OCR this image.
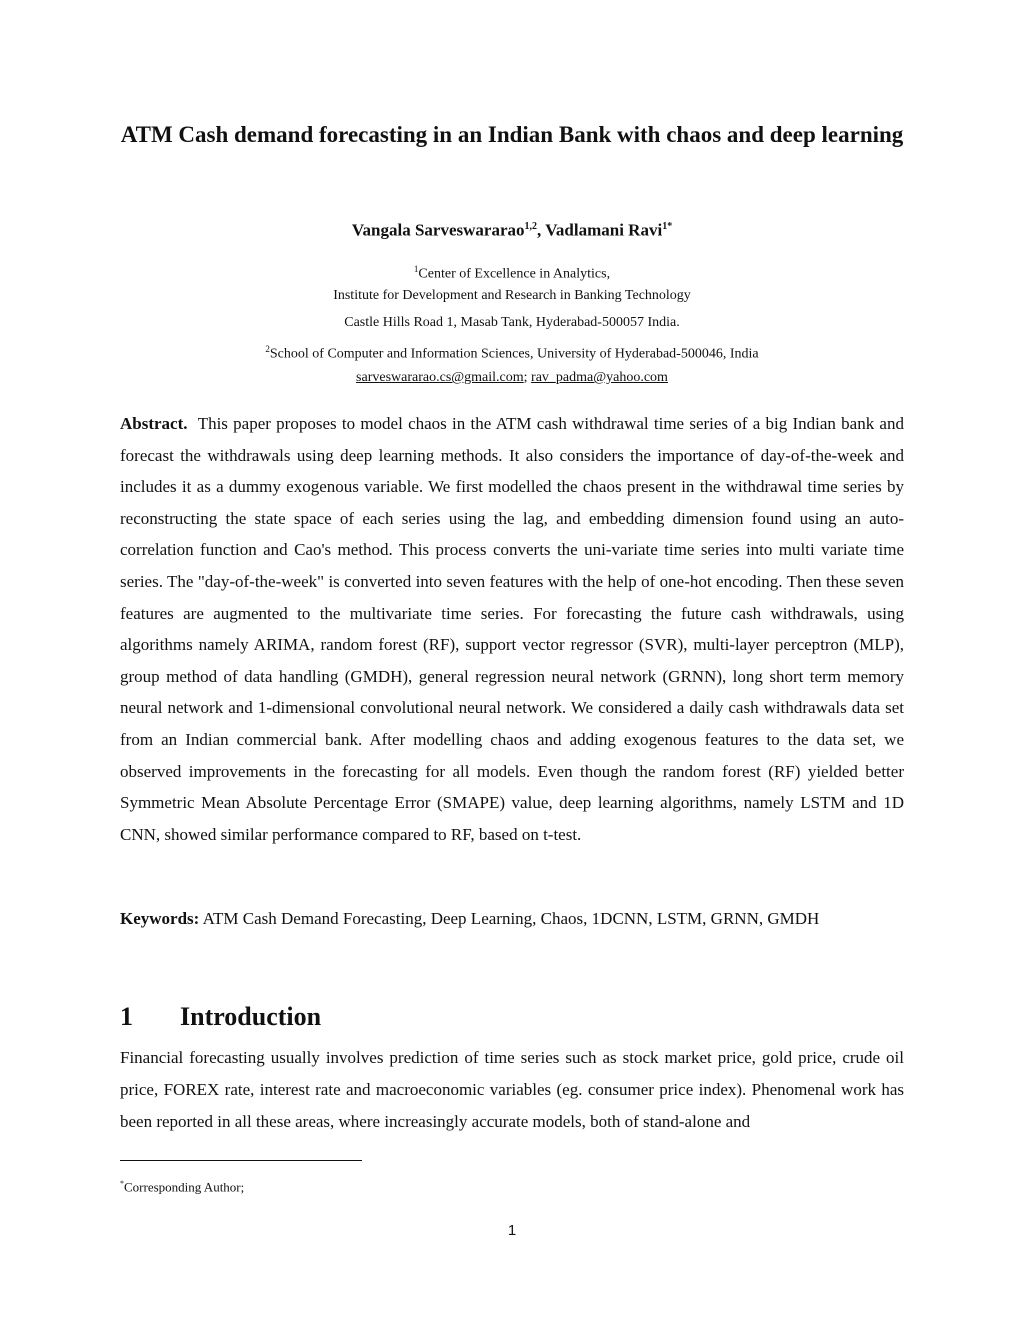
ATM Cash demand forecasting in an Indian Bank with chaos and deep learning
Vangala Sarveswararao$^{1,2}$, Vadlamani Ravi$^{1*}$
$^1$Center of Excellence in Analytics,
Institute for Development and Research in Banking Technology
Castle Hills Road 1, Masab Tank, Hyderabad-500057 India.
$^2$School of Computer and Information Sciences, University of Hyderabad-500046, India
sarveswararao.cs@gmail.com; rav_padma@yahoo.com

Abstract. This paper proposes to model chaos in the ATM cash withdrawal time series of a big Indian bank and forecast the withdrawals using deep learning methods. It also considers the importance of day-of-the-week and includes it as a dummy exogenous variable. We first modelled the chaos present in the withdrawal time series by reconstructing the state space of each series using the lag, and embedding dimension found using an auto-correlation function and Cao's method. This process converts the uni-variate time series into multi variate time series. The "day-of-the-week" is converted into seven features with the help of one-hot encoding. Then these seven features are augmented to the multivariate time series. For forecasting the future cash withdrawals, using algorithms namely ARIMA, random forest (RF), support vector regressor (SVR), multi-layer perceptron (MLP), group method of data handling (GMDH), general regression neural network (GRNN), long short term memory neural network and 1-dimensional convolutional neural network. We considered a daily cash withdrawals data set from an Indian commercial bank. After modelling chaos and adding exogenous features to the data set, we observed improvements in the forecasting for all models. Even though the random forest (RF) yielded better Symmetric Mean Absolute Percentage Error (SMAPE) value, deep learning algorithms, namely LSTM and 1D CNN, showed similar performance compared to RF, based on t-test.

Keywords: ATM Cash Demand Forecasting, Deep Learning, Chaos, 1DCNN, LSTM, GRNN, GMDH

1 Introduction

Financial forecasting usually involves prediction of time series such as stock market price, gold price, crude oil price, FOREX rate, interest rate and macroeconomic variables (eg. consumer price index). Phenomenal work has been reported in all these areas, where increasingly accurate models, both of stand-alone and

*Corresponding Author;
1
